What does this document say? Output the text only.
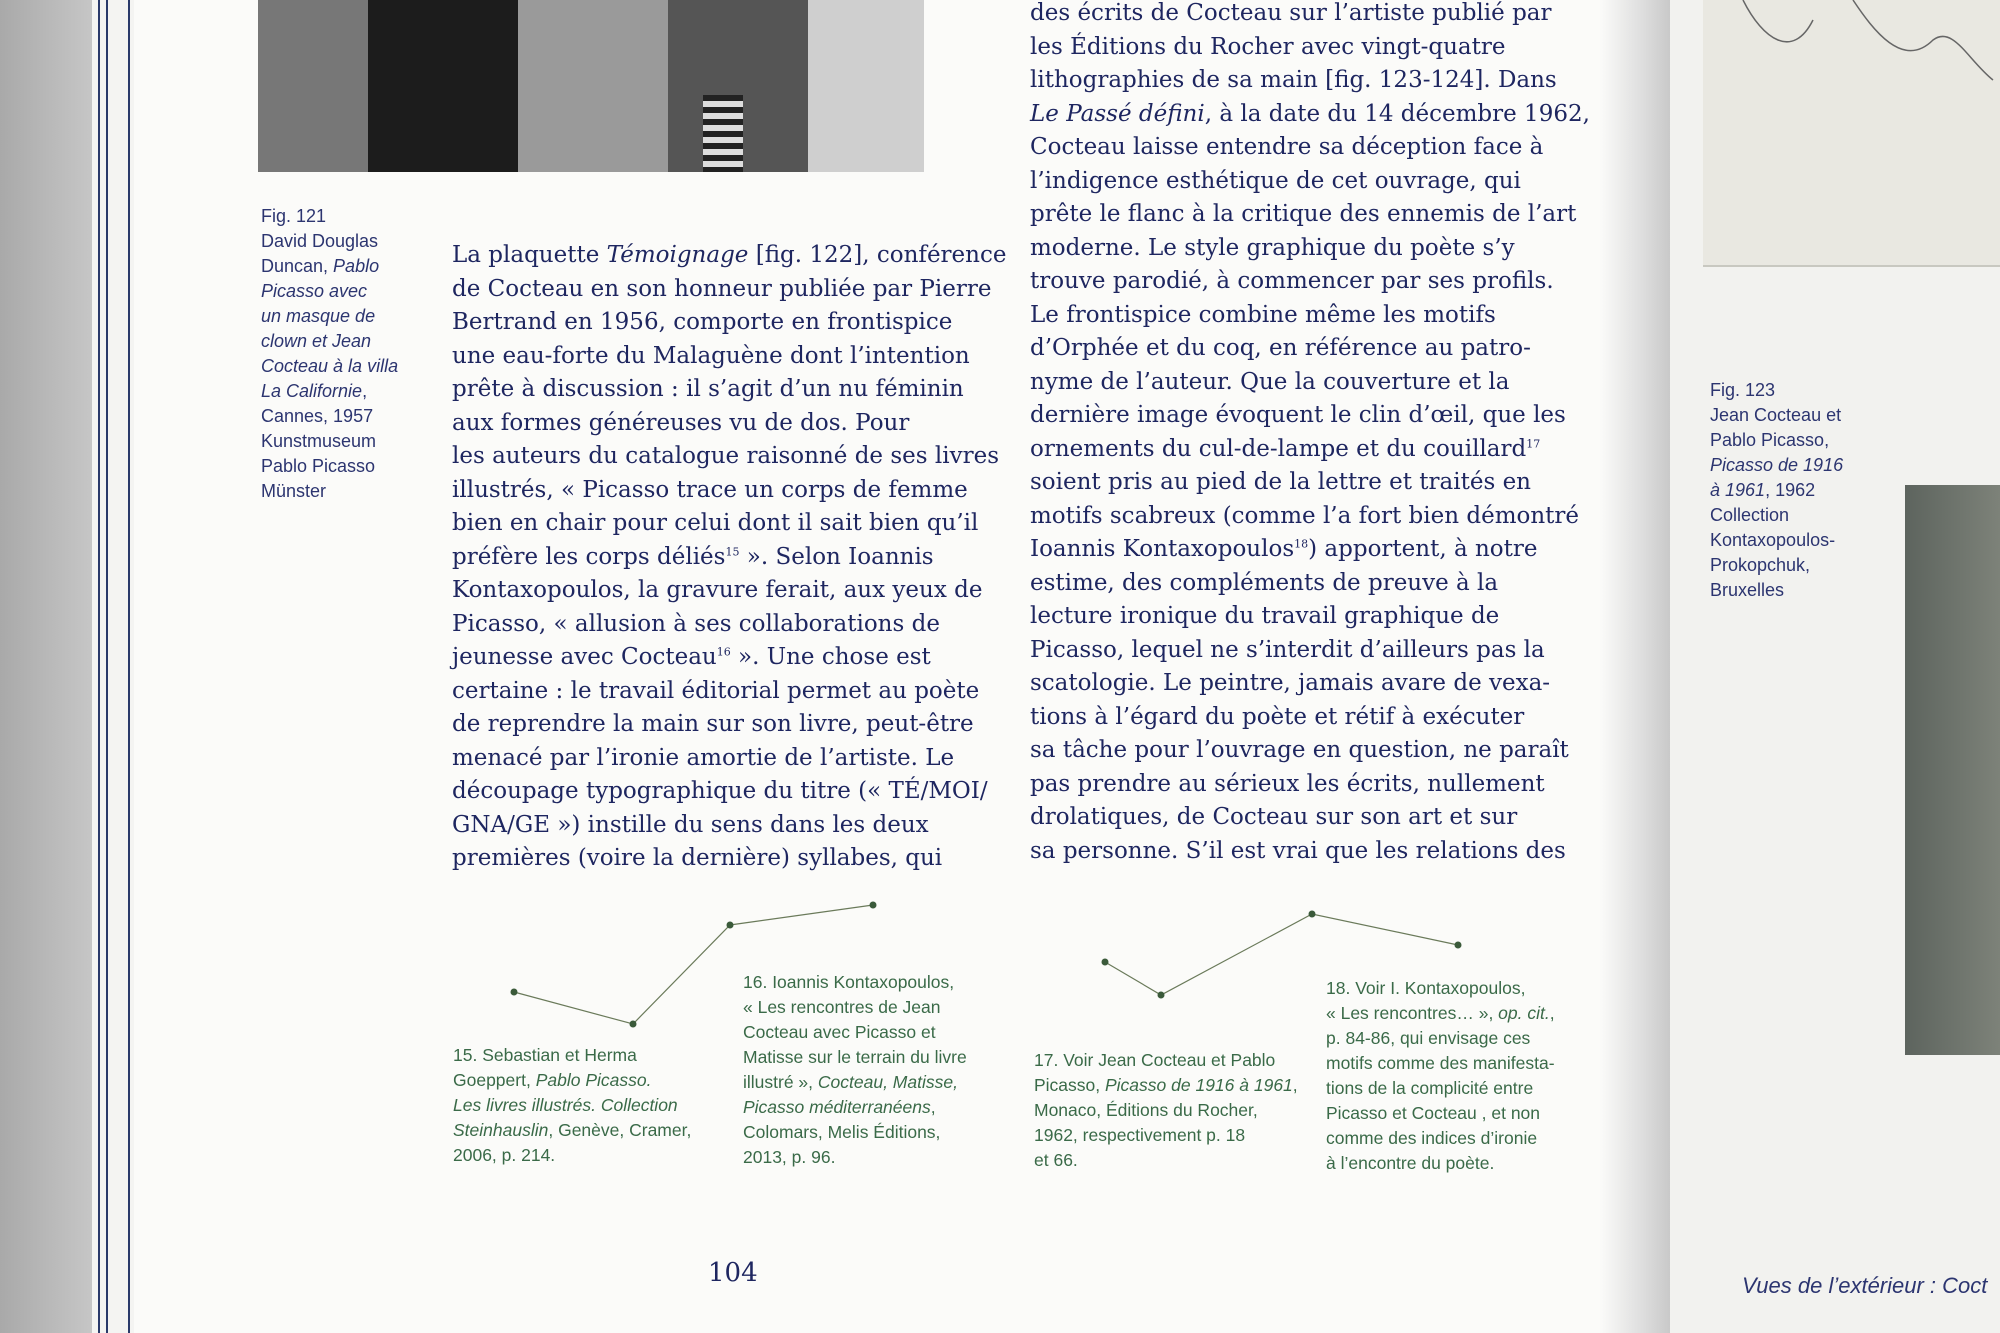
Fig. 121
David Douglas
Duncan, Pablo
Picasso avec
un masque de
clown et Jean
Cocteau à la villa
La Californie,
Cannes, 1957
Kunstmuseum
Pablo Picasso
Münster
Fig. 123
Jean Cocteau et
Pablo Picasso,
Picasso de 1916
à 1961, 1962
Collection
Kontaxopoulos-
Prokopchuk,
Bruxelles
La plaquette Témoignage [fig. 122], conférence
de Cocteau en son honneur publiée par Pierre
Bertrand en 1956, comporte en frontispice
une eau-forte du Malaguène dont l’intention
prête à discussion : il s’agit d’un nu féminin
aux formes généreuses vu de dos. Pour
les auteurs du catalogue raisonné de ses livres
illustrés, « Picasso trace un corps de femme
bien en chair pour celui dont il sait bien qu’il
préfère les corps déliés$^{15}$ ». Selon Ioannis
Kontaxopoulos, la gravure ferait, aux yeux de
Picasso, « allusion à ses collaborations de
jeunesse avec Cocteau$^{16}$ ». Une chose est
certaine : le travail éditorial permet au poète
de reprendre la main sur son livre, peut-être
menacé par l’ironie amortie de l’artiste. Le
découpage typographique du titre (« TÉ/MOI/
GNA/GE ») instille du sens dans les deux
premières (voire la dernière) syllabes, qui
des écrits de Cocteau sur l’artiste publié par
les Éditions du Rocher avec vingt-quatre
lithographies de sa main [fig. 123-124]. Dans
Le Passé défini, à la date du 14 décembre 1962,
Cocteau laisse entendre sa déception face à
l’indigence esthétique de cet ouvrage, qui
prête le flanc à la critique des ennemis de l’art
moderne. Le style graphique du poète s’y
trouve parodié, à commencer par ses profils.
Le frontispice combine même les motifs
d’Orphée et du coq, en référence au patro-
nyme de l’auteur. Que la couverture et la
dernière image évoquent le clin d’œil, que les
ornements du cul-de-lampe et du couillard$^{17}$
soient pris au pied de la lettre et traités en
motifs scabreux (comme l’a fort bien démontré
Ioannis Kontaxopoulos$^{18}$) apportent, à notre
estime, des compléments de preuve à la
lecture ironique du travail graphique de
Picasso, lequel ne s’interdit d’ailleurs pas la
scatologie. Le peintre, jamais avare de vexa-
tions à l’égard du poète et rétif à exécuter
sa tâche pour l’ouvrage en question, ne paraît
pas prendre au sérieux les écrits, nullement
drolatiques, de Cocteau sur son art et sur
sa personne. S’il est vrai que les relations des
15. Sebastian et Herma
Goeppert, Pablo Picasso.
Les livres illustrés. Collection
Steinhauslin, Genève, Cramer,
2006, p. 214.
16. Ioannis Kontaxopoulos,
« Les rencontres de Jean
Cocteau avec Picasso et
Matisse sur le terrain du livre
illustré », Cocteau, Matisse,
Picasso méditerranéens,
Colomars, Melis Éditions,
2013, p. 96.
17. Voir Jean Cocteau et Pablo
Picasso, Picasso de 1916 à 1961,
Monaco, Éditions du Rocher,
1962, respectivement p. 18
et 66.
18. Voir I. Kontaxopoulos,
« Les rencontres… », op. cit.,
p. 84-86, qui envisage ces
motifs comme des manifesta-
tions de la complicité entre
Picasso et Cocteau , et non
comme des indices d’ironie
à l’encontre du poète.
104	Vues de l’extérieur : Coct
